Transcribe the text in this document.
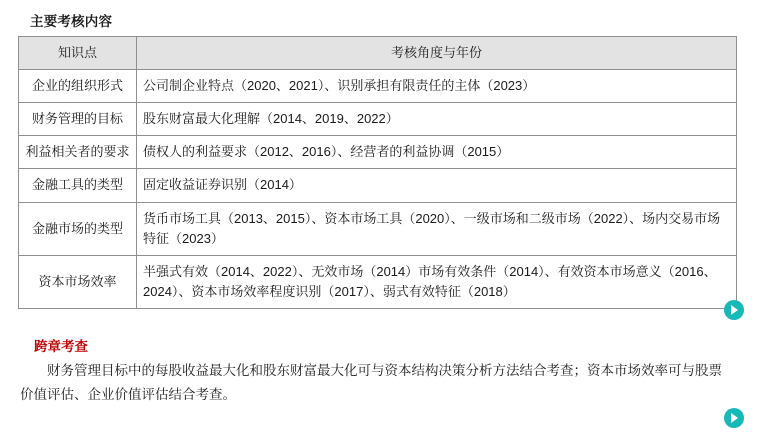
主要考核内容
知识点	考核角度与年份
企业的组织形式	公司制企业特点（2020、2021）、识别承担有限责任的主体（2023）
财务管理的目标	股东财富最大化理解（2014、2019、2022）
利益相关者的要求	债权人的利益要求（2012、2016）、经营者的利益协调（2015）
金融工具的类型	固定收益证券识别（2014）
金融市场的类型	货币市场工具（2013、2015）、资本市场工具（2020）、一级市场和二级市场（2022）、场内交易市场特征（2023）
资本市场效率	半强式有效（2014、2022）、无效市场（2014）市场有效条件（2014）、有效资本市场意义（2016、2024）、资本市场效率程度识别（2017）、弱式有效特征（2018）
跨章考查
财务管理目标中的每股收益最大化和股东财富最大化可与资本结构决策分析方法结合考查；资本市场效率可与股票价值评估、企业价值评估结合考查。
